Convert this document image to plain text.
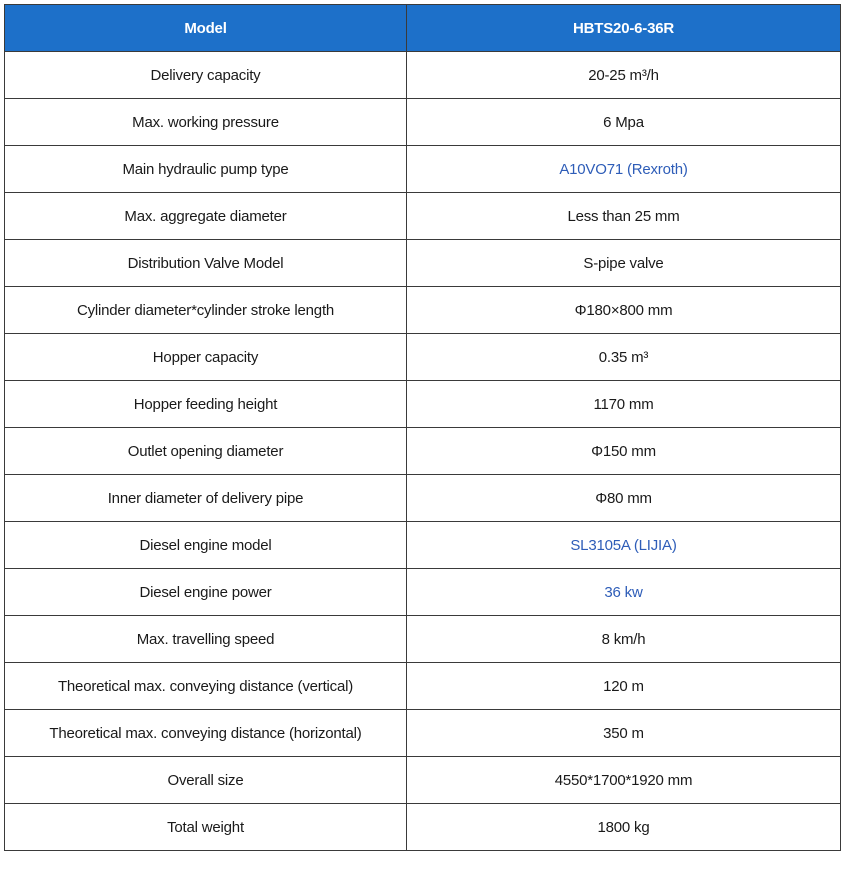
Model	HBTS20-6-36R
Delivery capacity	20-25 m³/h
Max. working pressure	6 Mpa
Main hydraulic pump type	A10VO71 (Rexroth)
Max. aggregate diameter	Less than 25 mm
Distribution Valve Model	S-pipe valve
Cylinder diameter*cylinder stroke length	Φ180×800 mm
Hopper capacity	0.35 m³
Hopper feeding height	1170 mm
Outlet opening diameter	Φ150 mm
Inner diameter of delivery pipe	Φ80 mm
Diesel engine model	SL3105A (LIJIA)
Diesel engine power	36 kw
Max. travelling speed	8 km/h
Theoretical max. conveying distance (vertical)	120 m
Theoretical max. conveying distance (horizontal)	350 m
Overall size	4550*1700*1920 mm
Total weight	1800 kg
